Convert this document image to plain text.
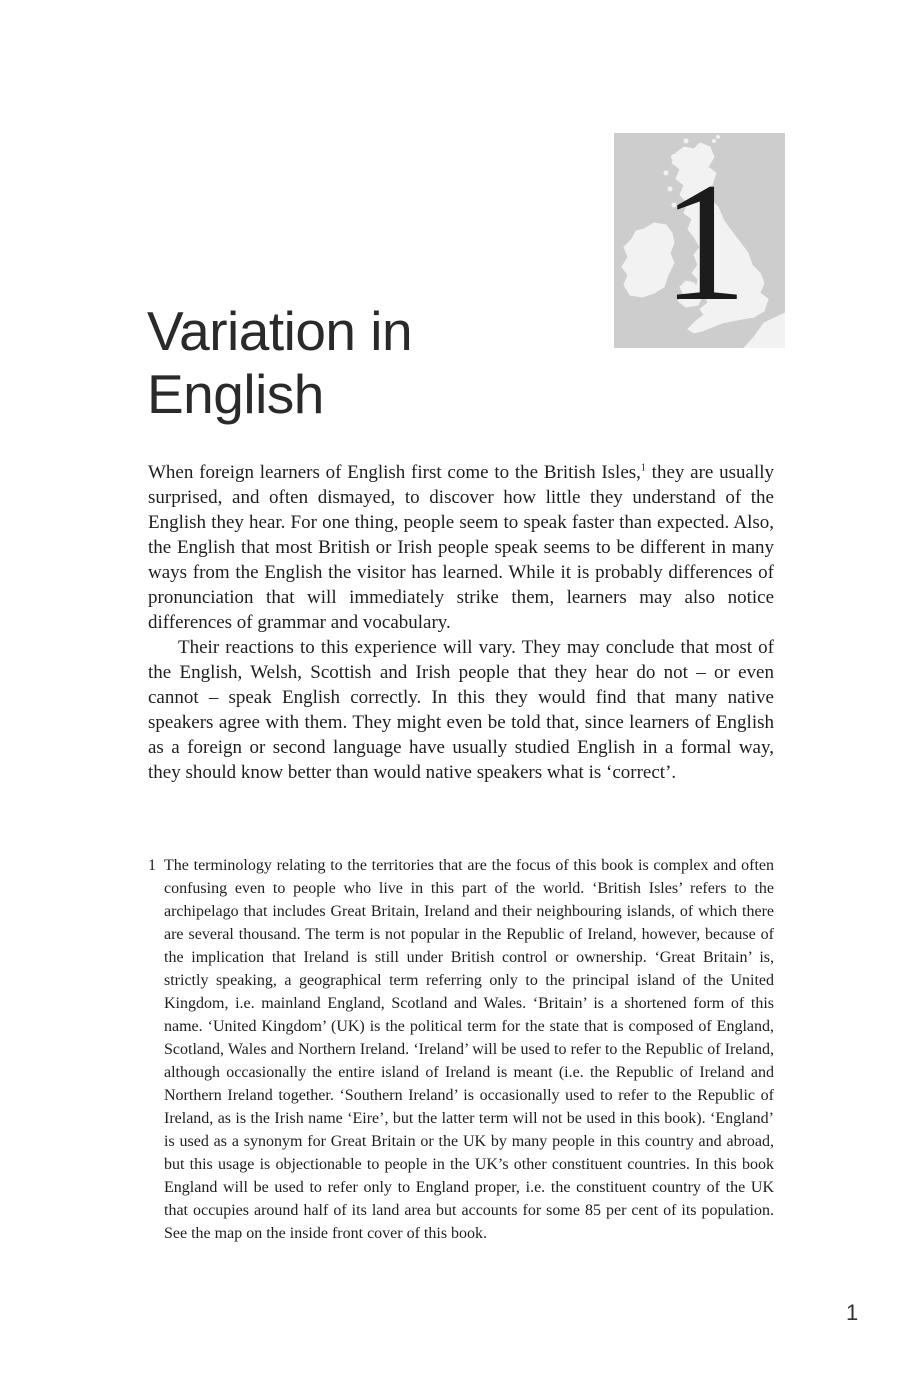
1
Variation in
English

When foreign learners of English first come to the British Isles,$^1$ they are usually surprised, and often dismayed, to discover how little they understand of the English they hear. For one thing, people seem to speak faster than expected. Also, the English that most British or Irish people speak seems to be different in many ways from the English the visitor has learned. While it is probably differences of pronunciation that will immediately strike them, learners may also notice differences of grammar and vocabulary.

Their reactions to this experience will vary. They may conclude that most of the English, Welsh, Scottish and Irish people that they hear do not – or even cannot – speak English correctly. In this they would find that many native speakers agree with them. They might even be told that, since learners of English as a foreign or second language have usually studied English in a formal way, they should know better than would native speakers what is ‘correct’.

1 The terminology relating to the territories that are the focus of this book is complex and often confusing even to people who live in this part of the world. ‘British Isles’ refers to the archipelago that includes Great Britain, Ireland and their neighbouring islands, of which there are several thousand. The term is not popular in the Republic of Ireland, however, because of the implication that Ireland is still under British control or ownership. ‘Great Britain’ is, strictly speaking, a geographical term referring only to the principal island of the United Kingdom, i.e. mainland England, Scotland and Wales. ‘Britain’ is a shortened form of this name. ‘United Kingdom’ (UK) is the political term for the state that is composed of England, Scotland, Wales and Northern Ireland. ‘Ireland’ will be used to refer to the Republic of Ireland, although occasionally the entire island of Ireland is meant (i.e. the Republic of Ireland and Northern Ireland together. ‘Southern Ireland’ is occasionally used to refer to the Republic of Ireland, as is the Irish name ‘Eire’, but the latter term will not be used in this book). ‘England’ is used as a synonym for Great Britain or the UK by many people in this country and abroad, but this usage is objectionable to people in the UK’s other constituent countries. In this book England will be used to refer only to England proper, i.e. the constituent country of the UK that occupies around half of its land area but accounts for some 85 per cent of its population. See the map on the inside front cover of this book.
1
